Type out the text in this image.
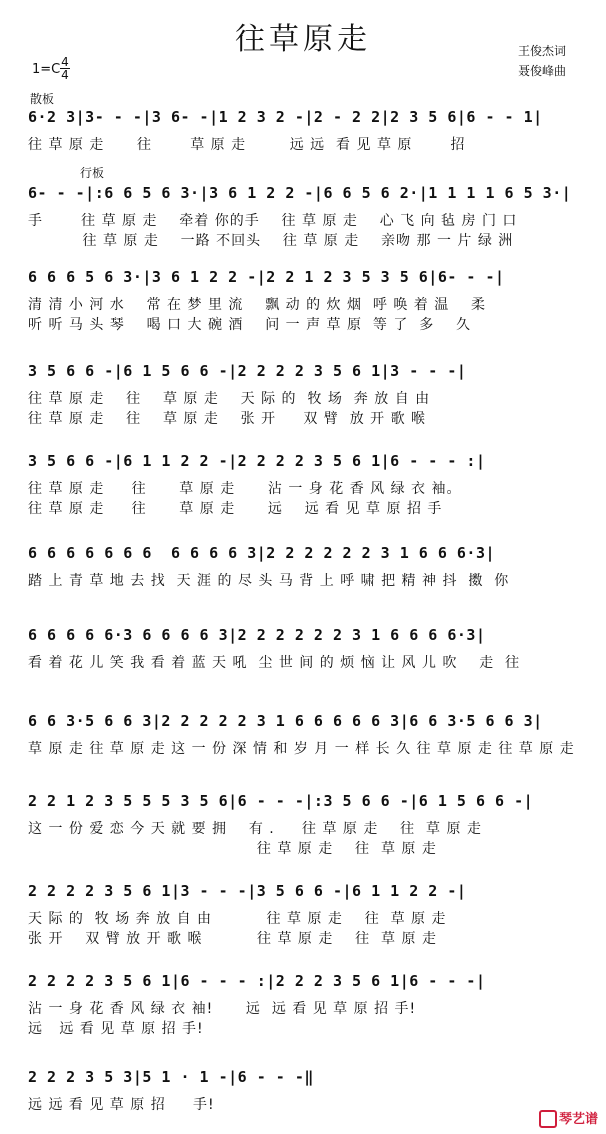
往草原走	王俊杰词
聂俊峰曲
1=C 4
4
散板
行板
6·2 3|3- - -|3 6- -|1 2 3 2 -|2 - 2 2|2 3 5 6|6 - - 1|
往 草 原 走      往       草 原 走        远 远  看 见 草 原       招
6- - -|:6 6 5 6 3·|3 6 1 2 2 -|6 6 5 6 2·|1 1 1 1 6 5 3·|
手       往 草 原 走    牵着 你的手    往 草 原 走    心 飞 向 毡 房 门 口
往 草 原 走    一路 不回头    往 草 原 走    亲吻 那 一 片 绿 洲
6 6 6 5 6 3·|3 6 1 2 2 -|2 2 1 2 3 5 3 5 6|6- - -|
清 清 小 河 水    常 在 梦 里 流    飘 动 的 炊 烟  呼 唤 着 温    柔
听 听 马 头 琴    喝 口 大 碗 酒    问 一 声 草 原  等 了  多    久
3 5 6 6 -|6 1 5 6 6 -|2 2 2 2 3 5 6 1|3 - - -|
往 草 原 走    往    草 原 走    天 际 的  牧 场  奔 放 自 由
往 草 原 走    往    草 原 走    张 开     双 臂  放 开 歌 喉
3 5 6 6 -|6 1 1 2 2 -|2 2 2 2 3 5 6 1|6 - - - :|
往 草 原 走     往      草 原 走      沾 一 身 花 香 风 绿 衣 袖。
往 草 原 走     往      草 原 走      远    远 看 见 草 原 招 手
6 6 6 6 6 6 6  6 6 6 6 3|2 2 2 2 2 2 3 1 6 6 6·3|
踏 上 青 草 地 去 找  天 涯 的 尽 头 马 背 上 呼 啸 把 精 神 抖  擞  你
6 6 6 6 6·3 6 6 6 6 3|2 2 2 2 2 2 3 1 6 6 6 6·3|
看 着 花 儿 笑 我 看 着 蓝 天 吼  尘 世 间 的 烦 恼 让 风 儿 吹    走  往
6 6 3·5 6 6 3|2 2 2 2 2 3 1 6 6 6 6 6 3|6 6 3·5 6 6 3|
草 原 走 往 草 原 走 这 一 份 深 情 和 岁 月 一 样 长 久 往 草 原 走 往 草 原 走
2 2 1 2 3 5 5 5 3 5 6|6 - - -|:3 5 6 6 -|6 1 5 6 6 -|
这 一 份 爱 恋 今 天 就 要 拥    有 .     往 草 原 走    往  草 原 走
往 草 原 走    往  草 原 走
2 2 2 2 3 5 6 1|3 - - -|3 5 6 6 -|6 1 1 2 2 -|
天 际 的  牧 场 奔 放 自 由          往 草 原 走    往  草 原 走
张 开    双 臂 放 开 歌 喉          往 草 原 走    往  草 原 走
2 2 2 2 3 5 6 1|6 - - - :|2 2 2 3 5 6 1|6 - - -|
沾 一 身 花 香 风 绿 衣 袖!      远  远 看 见 草 原 招 手!
远   远 看 见 草 原 招 手!
2 2 2 3 5 3|5 1 · 1 -|6 - - -‖
远 远 看 见 草 原 招     手!
琴艺谱
